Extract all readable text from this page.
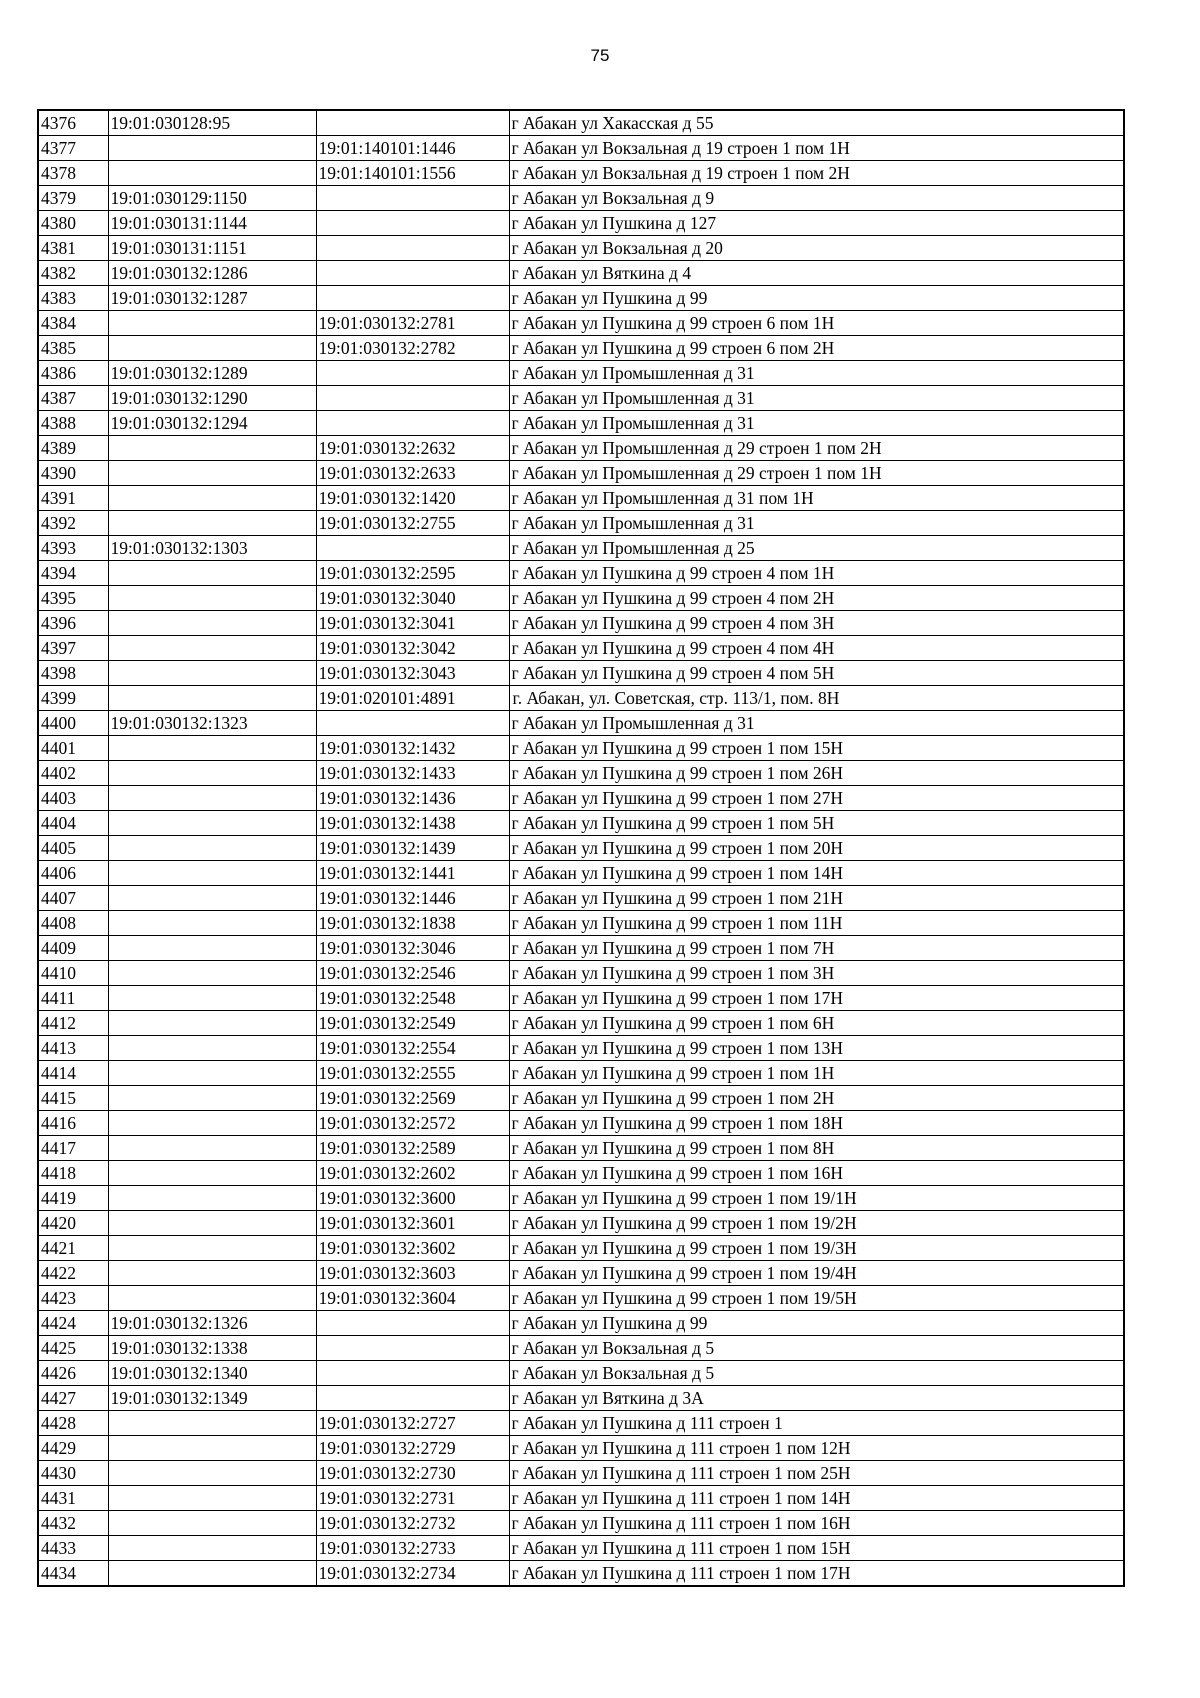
75
4376	19:01:030128:95		г Абакан ул Хакасская д 55
4377		19:01:140101:1446	г Абакан ул Вокзальная д 19 строен 1 пом 1Н
4378		19:01:140101:1556	г Абакан ул Вокзальная д 19 строен 1 пом 2Н
4379	19:01:030129:1150		г Абакан ул Вокзальная д 9
4380	19:01:030131:1144		г Абакан ул Пушкина д 127
4381	19:01:030131:1151		г Абакан ул Вокзальная д 20
4382	19:01:030132:1286		г Абакан ул Вяткина д 4
4383	19:01:030132:1287		г Абакан ул Пушкина д 99
4384		19:01:030132:2781	г Абакан ул Пушкина д 99 строен 6 пом 1Н
4385		19:01:030132:2782	г Абакан ул Пушкина д 99 строен 6 пом 2Н
4386	19:01:030132:1289		г Абакан ул Промышленная д 31
4387	19:01:030132:1290		г Абакан ул Промышленная д 31
4388	19:01:030132:1294		г Абакан ул Промышленная д 31
4389		19:01:030132:2632	г Абакан ул Промышленная д 29 строен 1 пом 2Н
4390		19:01:030132:2633	г Абакан ул Промышленная д 29 строен 1 пом 1Н
4391		19:01:030132:1420	г Абакан ул Промышленная д 31 пом 1Н
4392		19:01:030132:2755	г Абакан ул Промышленная д 31
4393	19:01:030132:1303		г Абакан ул Промышленная д 25
4394		19:01:030132:2595	г Абакан ул Пушкина д 99 строен 4 пом 1Н
4395		19:01:030132:3040	г Абакан ул Пушкина д 99 строен 4 пом 2Н
4396		19:01:030132:3041	г Абакан ул Пушкина д 99 строен 4 пом 3Н
4397		19:01:030132:3042	г Абакан ул Пушкина д 99 строен 4 пом 4Н
4398		19:01:030132:3043	г Абакан ул Пушкина д 99 строен 4 пом 5Н
4399		19:01:020101:4891	г. Абакан, ул. Советская, стр. 113/1, пом. 8Н
4400	19:01:030132:1323		г Абакан ул Промышленная д 31
4401		19:01:030132:1432	г Абакан ул Пушкина д 99 строен 1 пом 15Н
4402		19:01:030132:1433	г Абакан ул Пушкина д 99 строен 1 пом 26Н
4403		19:01:030132:1436	г Абакан ул Пушкина д 99 строен 1 пом 27Н
4404		19:01:030132:1438	г Абакан ул Пушкина д 99 строен 1 пом 5Н
4405		19:01:030132:1439	г Абакан ул Пушкина д 99 строен 1 пом 20Н
4406		19:01:030132:1441	г Абакан ул Пушкина д 99 строен 1 пом 14Н
4407		19:01:030132:1446	г Абакан ул Пушкина д 99 строен 1 пом 21Н
4408		19:01:030132:1838	г Абакан ул Пушкина д 99 строен 1 пом 11Н
4409		19:01:030132:3046	г Абакан ул Пушкина д 99 строен 1 пом 7Н
4410		19:01:030132:2546	г Абакан ул Пушкина д 99 строен 1 пом 3Н
4411		19:01:030132:2548	г Абакан ул Пушкина д 99 строен 1 пом 17Н
4412		19:01:030132:2549	г Абакан ул Пушкина д 99 строен 1 пом 6Н
4413		19:01:030132:2554	г Абакан ул Пушкина д 99 строен 1 пом 13Н
4414		19:01:030132:2555	г Абакан ул Пушкина д 99 строен 1 пом 1Н
4415		19:01:030132:2569	г Абакан ул Пушкина д 99 строен 1 пом 2Н
4416		19:01:030132:2572	г Абакан ул Пушкина д 99 строен 1 пом 18Н
4417		19:01:030132:2589	г Абакан ул Пушкина д 99 строен 1 пом 8Н
4418		19:01:030132:2602	г Абакан ул Пушкина д 99 строен 1 пом 16Н
4419		19:01:030132:3600	г Абакан ул Пушкина д 99 строен 1 пом 19/1Н
4420		19:01:030132:3601	г Абакан ул Пушкина д 99 строен 1 пом 19/2Н
4421		19:01:030132:3602	г Абакан ул Пушкина д 99 строен 1 пом 19/3Н
4422		19:01:030132:3603	г Абакан ул Пушкина д 99 строен 1 пом 19/4Н
4423		19:01:030132:3604	г Абакан ул Пушкина д 99 строен 1 пом 19/5Н
4424	19:01:030132:1326		г Абакан ул Пушкина д 99
4425	19:01:030132:1338		г Абакан ул Вокзальная д 5
4426	19:01:030132:1340		г Абакан ул Вокзальная д 5
4427	19:01:030132:1349		г Абакан ул Вяткина д 3А
4428		19:01:030132:2727	г Абакан ул Пушкина д 111 строен 1
4429		19:01:030132:2729	г Абакан ул Пушкина д 111 строен 1 пом 12Н
4430		19:01:030132:2730	г Абакан ул Пушкина д 111 строен 1 пом 25Н
4431		19:01:030132:2731	г Абакан ул Пушкина д 111 строен 1 пом 14Н
4432		19:01:030132:2732	г Абакан ул Пушкина д 111 строен 1 пом 16Н
4433		19:01:030132:2733	г Абакан ул Пушкина д 111 строен 1 пом 15Н
4434		19:01:030132:2734	г Абакан ул Пушкина д 111 строен 1 пом 17Н
